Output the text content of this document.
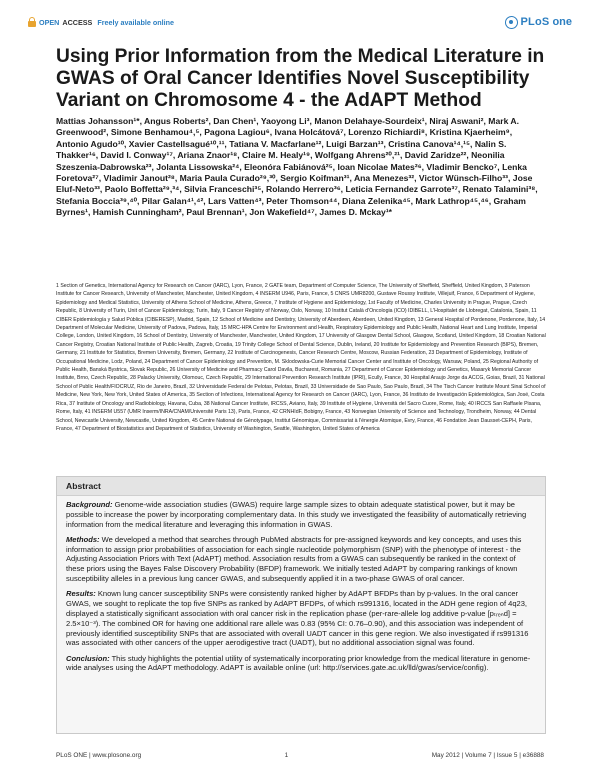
OPEN ACCESS Freely available online	PLoS one
Using Prior Information from the Medical Literature in GWAS of Oral Cancer Identifies Novel Susceptibility Variant on Chromosome 4 - the AdAPT Method

Mattias Johansson¹*, Angus Roberts², Dan Chen¹, Yaoyong Li³, Manon Delahaye-Sourdeix¹, Niraj Aswani², Mark A. Greenwood², Simone Benhamou⁴,⁵, Pagona Lagiou⁶, Ivana Holcátová⁷, Lorenzo Richiardi⁸, Kristina Kjaerheim⁹, Antonio Agudo¹⁰, Xavier Castellsagué¹⁰,¹¹, Tatiana V. Macfarlane¹², Luigi Barzan¹³, Cristina Canova¹⁴,¹⁵, Nalin S. Thakker¹⁶, David I. Conway¹⁷, Ariana Znaor¹⁸, Claire M. Healy¹⁹, Wolfgang Ahrens²⁰,²¹, David Zaridze²², Neonilia Szeszenia-Dabrowska²³, Jolanta Lissowska²⁴, Eleonóra Fabiánová²⁵, Ioan Nicolae Mates²⁶, Vladimir Bencko⁷, Lenka Foretova²⁷, Vladimir Janout²⁸, Maria Paula Curado²⁹,³⁰, Sergio Koifman³¹, Ana Menezes³², Victor Wünsch-Filho³³, Jose Eluf-Neto³³, Paolo Boffetta²⁹,³⁴, Silvia Franceschi³⁵, Rolando Herrero³⁶, Leticia Fernandez Garrote³⁷, Renato Talamini³⁸, Stefania Boccia³⁹,⁴⁰, Pilar Galan⁴¹,⁴², Lars Vatten⁴³, Peter Thomson⁴⁴, Diana Zelenika⁴⁵, Mark Lathrop⁴⁵,⁴⁶, Graham Byrnes¹, Hamish Cunningham², Paul Brennan¹, Jon Wakefield⁴⁷, James D. Mckay¹*

1 Section of Genetics, International Agency for Research on Cancer (IARC), Lyon, France, 2 GATE team, Department of Computer Science, The University of Sheffield, Sheffield, United Kingdom, 3 Paterson Institute for Cancer Research, University of Manchester, Manchester, United Kingdom, 4 INSERM U946, Paris, France, 5 CNRS UMR8200, Gustave Roussy Institute, Villejuif, France, 6 Department of Hygiene, Epidemiology and Medical Statistics, University of Athens School of Medicine, Athens, Greece, 7 Institute of Hygiene and Epidemiology, 1st Faculty of Medicine, Charles University in Prague, Prague, Czech Republic, 8 University of Turin, Unit of Cancer Epidemiology, Turin, Italy, 9 Cancer Registry of Norway, Oslo, Norway, 10 Institut Català d'Oncologia (ICO) IDIBELL, L'Hospitalet de Llobregat, Catalonia, Spain, 11 CIBER Epidemiología y Salud Pública (CIBERESP), Madrid, Spain, 12 School of Medicine and Dentistry, University of Aberdeen, Aberdeen, United Kingdom, 13 General Hospital of Pordenone, Pordenone, Italy, 14 Department of Molecular Medicine, University of Padova, Padova, Italy, 15 MRC-HPA Centre for Environment and Health, Respiratory Epidemiology and Public Health, National Heart and Lung Institute, Imperial College, London, United Kingdom, 16 School of Dentistry, University of Manchester, Manchester, United Kingdom, 17 University of Glasgow Dental School, Glasgow, Scotland, United Kingdom, 18 Croatian National Cancer Registry, Croatian National Institute of Public Health, Zagreb, Croatia, 19 Trinity College School of Dental Science, Dublin, Ireland, 20 Institute for Epidemiology and Prevention Research (BIPS), Bremen, Germany, 21 Institute for Statistics, Bremen University, Bremen, Germany, 22 Institute of Carcinogenesis, Cancer Research Centre, Moscow, Russian Federation, 23 Department of Epidemiology, Institute of Occupational Medicine, Lodz, Poland, 24 Department of Cancer Epidemiology and Prevention, M. Sklodowska-Curie Memorial Cancer Center and Institute of Oncology, Warsaw, Poland, 25 Regional Authority of Public Health, Banská Bystrica, Slovak Republic, 26 University of Medicine and Pharmacy Carol Davila, Bucharest, Romania, 27 Department of Cancer Epidemiology and Genetics, Masaryk Memorial Cancer Institute, Brno, Czech Republic, 28 Palacky University, Olomouc, Czech Republic, 29 International Prevention Research Institute (IPRI), Ecully, France, 30 Hospital Araujo Jorge da ACCG, Goias, Brazil, 31 National School of Public Health/FIOCRUZ, Rio de Janeiro, Brazil, 32 Universidade Federal de Pelotas, Pelotas, Brazil, 33 Universidade de Sao Paulo, Sao Paulo, Brazil, 34 The Tisch Cancer Institute Mount Sinai School of Medicine, New York, New York, United States of America, 35 Section of Infections, International Agency for Research on Cancer (IARC), Lyon, France, 36 Instituto de Investigación Epidemiológica, San José, Costa Rica, 37 Institute of Oncology and Radiobiology, Havana, Cuba, 38 National Cancer Institute, IRCSS, Aviano, Italy, 39 Institute of Hygiene, Università del Sacro Cuore, Rome, Italy, 40 IRCCS San Raffaele Pisana, Rome, Italy, 41 INSERM U557 (UMR Inserm/INRA/CNAM/Université Paris 13), Paris, France, 42 CRNHIdF, Bobigny, France, 43 Norwegian University of Science and Technology, Trondheim, Norway, 44 Dental School, Newcastle University, Newcastle, United Kingdom, 45 Centre National de Génotypage, Institut Génomique, Commissariat à l'énergie Atomique, Evry, France, 46 Fondation Jean Dausset-CEPH, Paris, France, 47 Department of Biostatistics and Department of Statistics, University of Washington, Seattle, Washington, United States of America

Abstract

Background: Genome-wide association studies (GWAS) require large sample sizes to obtain adequate statistical power, but it may be possible to increase the power by incorporating complementary data. In this study we investigated the feasibility of automatically retrieving information from the medical literature and leveraging this information in GWAS.

Methods: We developed a method that searches through PubMed abstracts for pre-assigned keywords and key concepts, and uses this information to assign prior probabilities of association for each single nucleotide polymorphism (SNP) with the phenotype of interest - the Adjusting Association Priors with Text (AdAPT) method. Association results from a GWAS can subsequently be ranked in the context of these priors using the Bayes False Discovery Probability (BFDP) framework. We initially tested AdAPT by comparing rankings of known susceptibility alleles in a previous lung cancer GWAS, and subsequently applied it in a two-phase GWAS of oral cancer.

Results: Known lung cancer susceptibility SNPs were consistently ranked higher by AdAPT BFDPs than by p-values. In the oral cancer GWAS, we sought to replicate the top five SNPs as ranked by AdAPT BFDPs, of which rs991316, located in the ADH gene region of 4q23, displayed a statistically significant association with oral cancer risk in the replication phase (per-rare-allele log additive p-value [pₜᵣₑₙd] = 2.5×10⁻³). The combined OR for having one additional rare allele was 0.83 (95% CI: 0.76–0.90), and this association was independent of previously identified susceptibility SNPs that are associated with overall UADT cancer in this gene region. We also investigated if rs991316 was associated with other cancers of the upper aerodigestive tract (UADT), but no additional association signal was found.

Conclusion: This study highlights the potential utility of systematically incorporating prior knowledge from the medical literature in genome-wide analyses using the AdAPT methodology. AdAPT is available online (url: http://services.gate.ac.uk/lld/gwas/service/config).

PLoS ONE | www.plosone.org	1	May 2012 | Volume 7 | Issue 5 | e36888
